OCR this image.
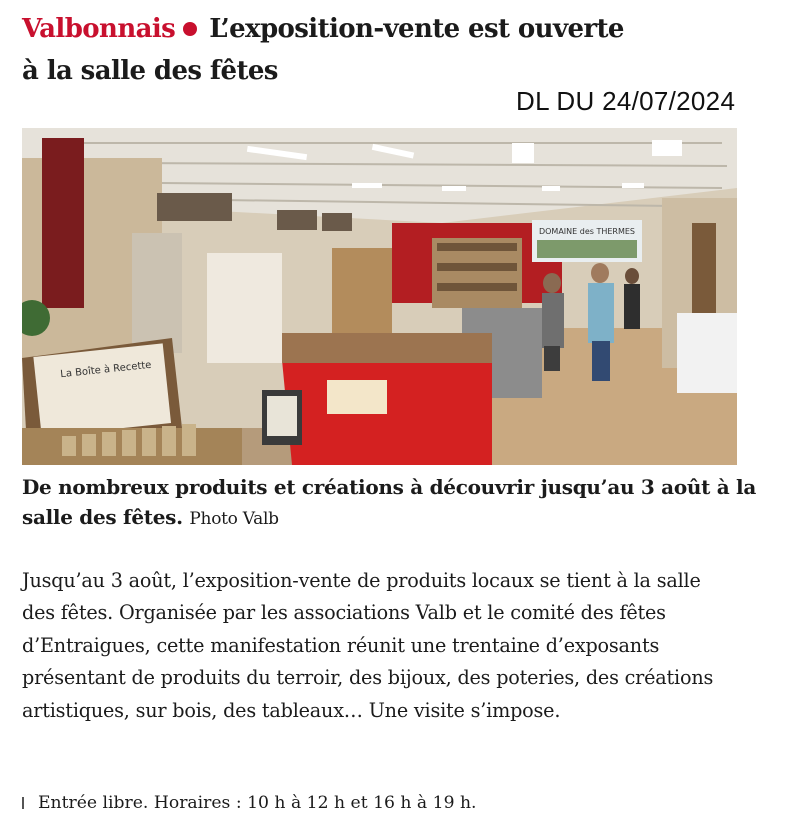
Valbonnais L’exposition-vente est ouverte
à la salle des fêtes
DL DU 24/07/2024
DOMAINE des THERMES
La Boîte à Recette
De nombreux produits et créations à découvrir jusqu’au 3 août à la salle des fêtes. Photo Valb

Jusqu’au 3 août, l’exposition-vente de produits locaux se tient à la salle des fêtes. Organisée par les associations Valb et le comité des fêtes d’Entraigues, cette manifestation réunit une trentaine d’exposants présentant de produits du terroir, des bijoux, des poteries, des créations artistiques, sur bois, des tableaux… Une visite s’impose.

Entrée libre. Horaires : 10 h à 12 h et 16 h à 19 h.
